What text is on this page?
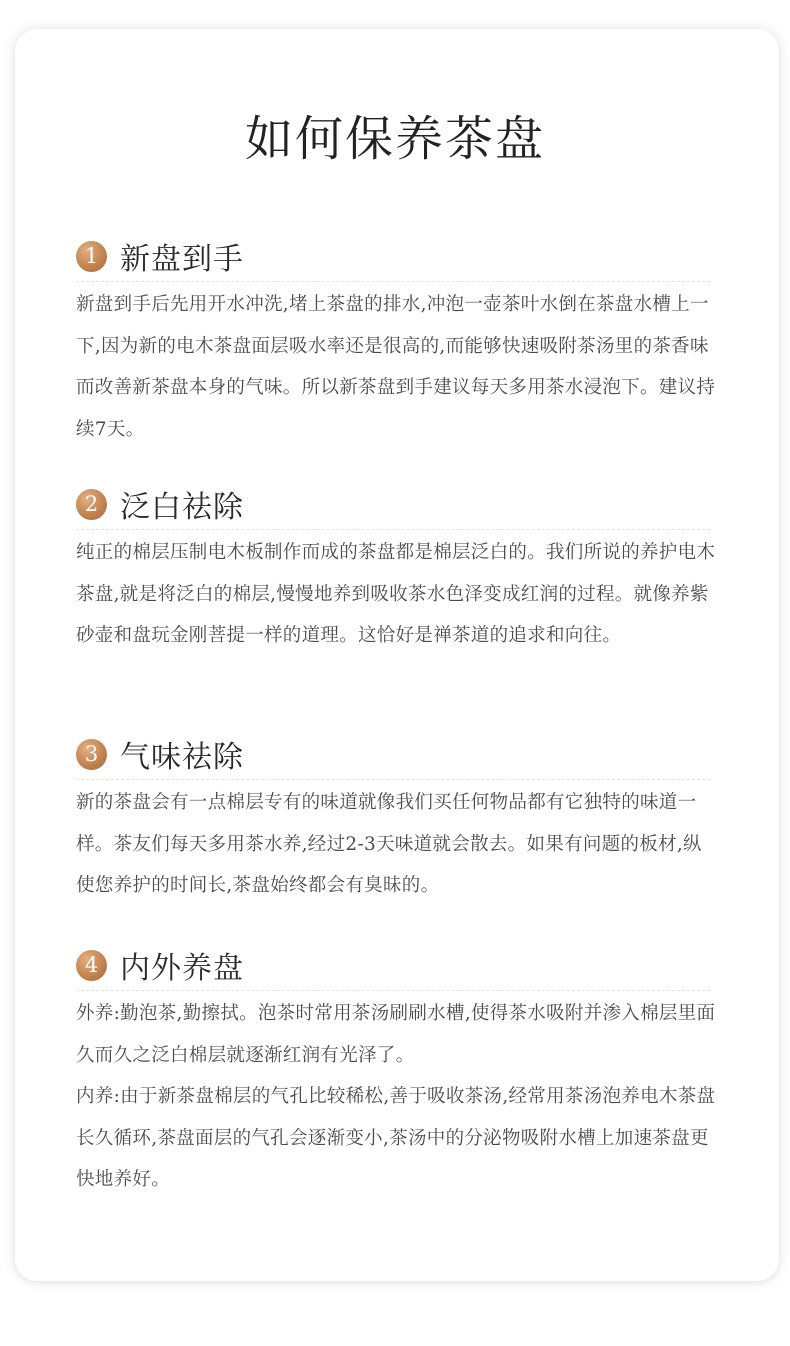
如何保养茶盘
1 新盘到手

新盘到手后先用开水冲洗,堵上茶盘的排水,冲泡一壶茶叶水倒在茶盘水槽上一下,因为新的电木茶盘面层吸水率还是很高的,而能够快速吸附茶汤里的茶香味而改善新茶盘本身的气味。所以新茶盘到手建议每天多用茶水浸泡下。建议持续7天。

2 泛白祛除

纯正的棉层压制电木板制作而成的茶盘都是棉层泛白的。我们所说的养护电木茶盘,就是将泛白的棉层,慢慢地养到吸收茶水色泽变成红润的过程。就像养紫砂壶和盘玩金刚菩提一样的道理。这恰好是禅茶道的追求和向往。

3 气味祛除

新的茶盘会有一点棉层专有的味道就像我们买任何物品都有它独特的味道一样。茶友们每天多用茶水养,经过2-3天味道就会散去。如果有问题的板材,纵使您养护的时间长,茶盘始终都会有臭昧的。

4 内外养盘

外养:勤泡茶,勤擦拭。泡茶时常用茶汤刷刷水槽,使得茶水吸附并渗入棉层里面久而久之泛白棉层就逐渐红润有光泽了。

内养:由于新茶盘棉层的气孔比较稀松,善于吸收茶汤,经常用茶汤泡养电木茶盘长久循环,茶盘面层的气孔会逐渐变小,茶汤中的分泌物吸附水槽上加速茶盘更快地养好。
